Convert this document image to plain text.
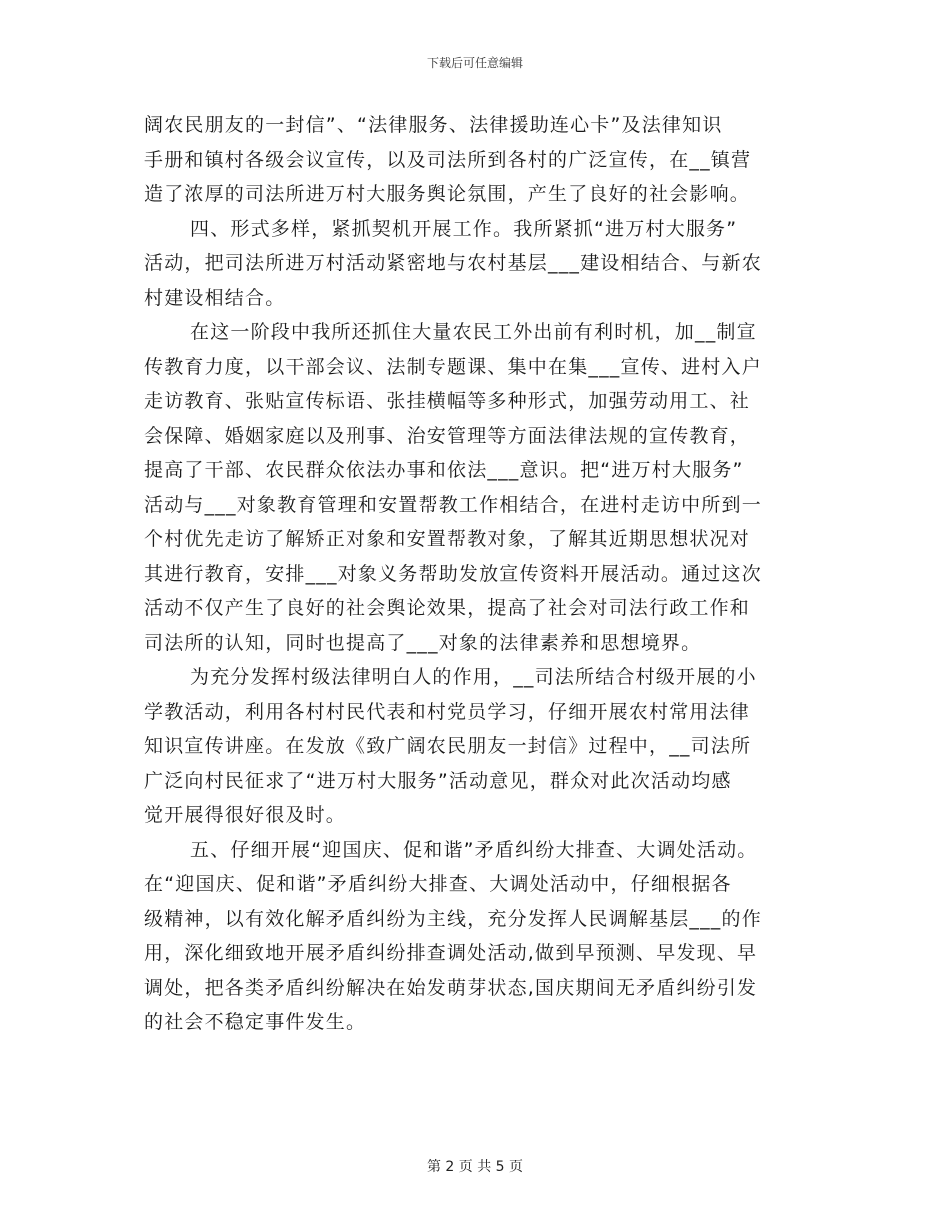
下载后可任意编辑
阔农民朋友的一封信”、“法律服务、法律援助连心卡”及法律知识
手册和镇村各级会议宣传，以及司法所到各村的广泛宣传，在__镇营
造了浓厚的司法所进万村大服务舆论氛围，产生了良好的社会影响。
四、形式多样，紧抓契机开展工作。我所紧抓“进万村大服务”
活动，把司法所进万村活动紧密地与农村基层___建设相结合、与新农
村建设相结合。
在这一阶段中我所还抓住大量农民工外出前有利时机，加__制宣
传教育力度，以干部会议、法制专题课、集中在集___宣传、进村入户
走访教育、张贴宣传标语、张挂横幅等多种形式，加强劳动用工、社
会保障、婚姻家庭以及刑事、治安管理等方面法律法规的宣传教育，
提高了干部、农民群众依法办事和依法___意识。把“进万村大服务”
活动与___对象教育管理和安置帮教工作相结合，在进村走访中所到一
个村优先走访了解矫正对象和安置帮教对象，了解其近期思想状况对
其进行教育，安排___对象义务帮助发放宣传资料开展活动。通过这次
活动不仅产生了良好的社会舆论效果，提高了社会对司法行政工作和
司法所的认知，同时也提高了___对象的法律素养和思想境界。
为充分发挥村级法律明白人的作用，__司法所结合村级开展的小
学教活动，利用各村村民代表和村党员学习，仔细开展农村常用法律
知识宣传讲座。在发放《致广阔农民朋友一封信》过程中，__司法所
广泛向村民征求了“进万村大服务”活动意见，群众对此次活动均感
觉开展得很好很及时。
五、仔细开展“迎国庆、促和谐”矛盾纠纷大排查、大调处活动。
在“迎国庆、促和谐”矛盾纠纷大排查、大调处活动中，仔细根据各
级精神，以有效化解矛盾纠纷为主线，充分发挥人民调解基层___的作
用，深化细致地开展矛盾纠纷排查调处活动,做到早预测、早发现、早
调处，把各类矛盾纠纷解决在始发萌芽状态,国庆期间无矛盾纠纷引发
的社会不稳定事件发生。
第 2 页 共 5 页
